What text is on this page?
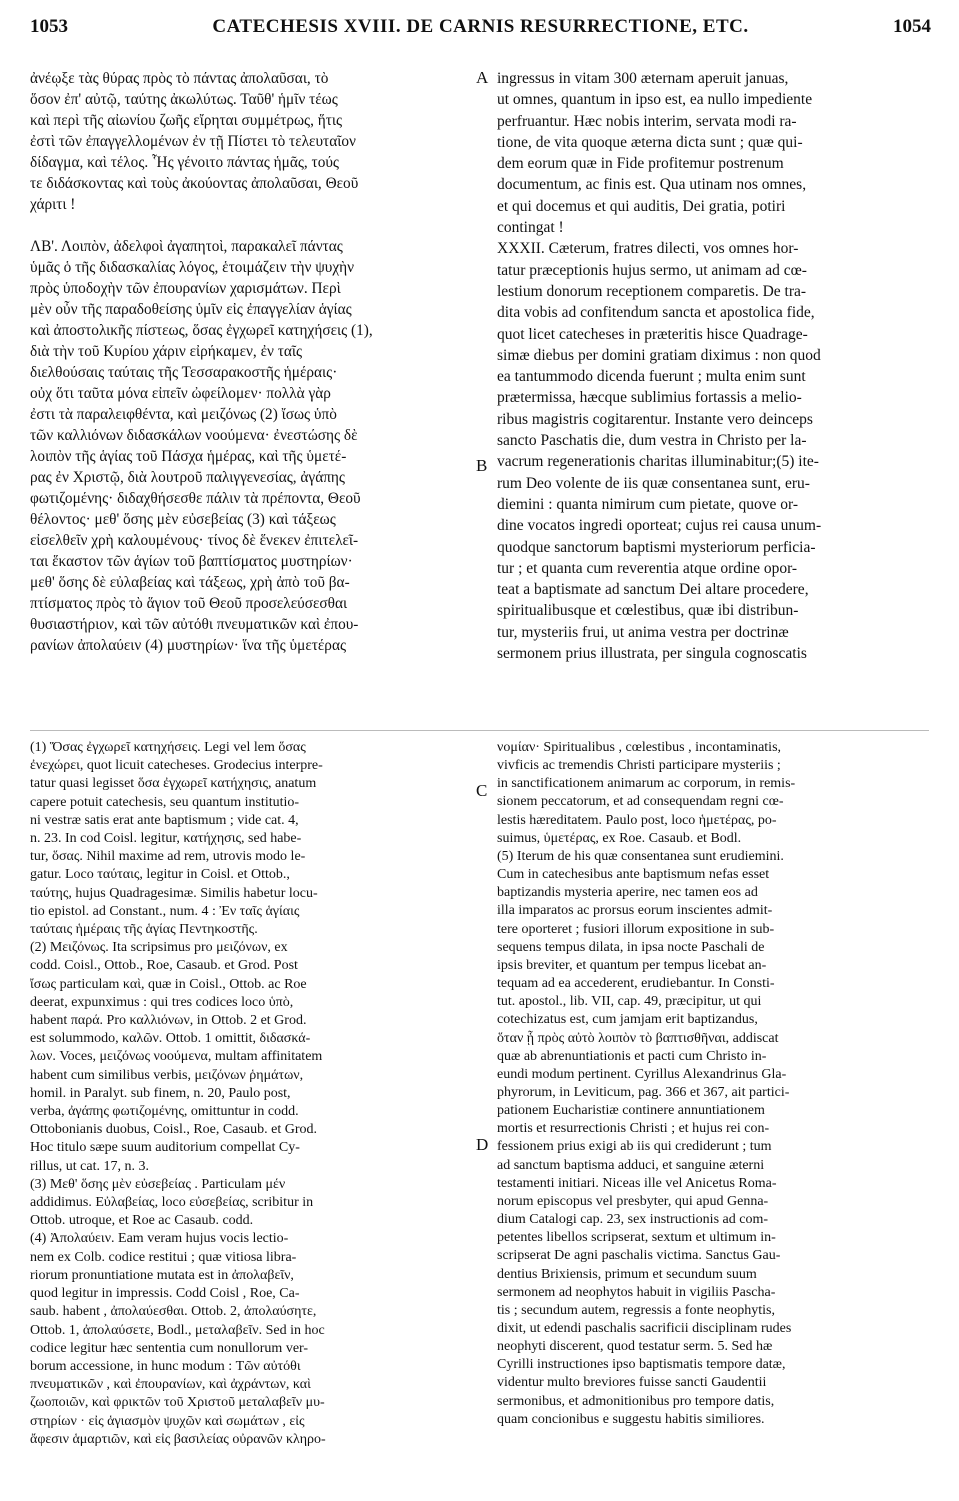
1053	CATECHESIS XVIII. DE CARNIS RESURRECTIONE, ETC.	1054
ἀνέῳξε τὰς θύρας πρὸς τὸ πάντας ἀπολαῦσαι, τὸ
ὅσον ἐπ' αὐτῷ, ταύτης ἀκωλύτως. Ταῦθ' ἡμῖν τέως
καὶ περὶ τῆς αἰωνίου ζωῆς εἴρηται συμμέτρως, ἥτις
ἐστὶ τῶν ἐπαγγελλομένων ἐν τῇ Πίστει τὸ τελευταῖον
δίδαγμα, καὶ τέλος. Ἧς γένοιτο πάντας ἡμᾶς, τούς
τε διδάσκοντας καὶ τοὺς ἀκούοντας ἀπολαῦσαι, Θεοῦ
χάριτι !

ΛΒ'. Λοιπὸν, ἀδελφοὶ ἀγαπητοὶ, παρακαλεῖ πάντας
ὑμᾶς ὁ τῆς διδασκαλίας λόγος, ἑτοιμάζειν τὴν ψυχὴν
πρὸς ὑποδοχὴν τῶν ἐπουρανίων χαρισμάτων. Περὶ
μὲν οὖν τῆς παραδοθείσης ὑμῖν εἰς ἐπαγγελίαν ἁγίας
καὶ ἀποστολικῆς πίστεως, ὅσας ἐγχωρεῖ κατηχήσεις (1),
διὰ τὴν τοῦ Κυρίου χάριν εἰρήκαμεν, ἐν ταῖς
διελθούσαις ταύταις τῆς Τεσσαρακοστῆς ἡμέραις·
οὐχ ὅτι ταῦτα μόνα εἰπεῖν ὠφείλομεν· πολλὰ γὰρ
ἐστι τὰ παραλειφθέντα, καὶ μειζόνως (2) ἴσως ὑπὸ
τῶν καλλιόνων διδασκάλων νοούμενα· ἐνεστώσης δὲ
λοιπὸν τῆς ἁγίας τοῦ Πάσχα ἡμέρας, καὶ τῆς ὑμετέ-
ρας ἐν Χριστῷ, διὰ λουτροῦ παλιγγενεσίας, ἀγάπης
φωτιζομένης· διδαχθήσεσθε πάλιν τὰ πρέποντα, Θεοῦ
θέλοντος· μεθ' ὅσης μὲν εὐσεβείας (3) καὶ τάξεως
εἰσελθεῖν χρὴ καλουμένους· τίνος δὲ ἕνεκεν ἐπιτελεῖ-
ται ἕκαστον τῶν ἁγίων τοῦ βαπτίσματος μυστηρίων·
μεθ' ὅσης δὲ εὐλαβείας καὶ τάξεως, χρὴ ἀπὸ τοῦ βα-
πτίσματος πρὸς τὸ ἅγιον τοῦ Θεοῦ προσελεύσεσθαι
θυσιαστήριον, καὶ τῶν αὐτόθι πνευματικῶν καὶ ἐπου-
ρανίων ἀπολαύειν (4) μυστηρίων· ἵνα τῆς ὑμετέρας
ingressus in vitam 300 æternam aperuit januas,
ut omnes, quantum in ipso est, ea nullo impediente
perfruantur. Hæc nobis interim, servata modi ra-
tione, de vita quoque æterna dicta sunt ; quæ qui-
dem eorum quæ in Fide profitemur postrenum
documentum, ac finis est. Qua utinam nos omnes,
et qui docemus et qui auditis, Dei gratia, potiri
contingat !
XXXII. Cæterum, fratres dilecti, vos omnes hor-
tatur præceptionis hujus sermo, ut animam ad cœ-
lestium donorum receptionem comparetis. De tra-
dita vobis ad confitendum sancta et apostolica fide,
quot licet catecheses in præteritis hisce Quadrage-
simæ diebus per domini gratiam diximus : non quod
ea tantummodo dicenda fuerunt ; multa enim sunt
prætermissa, hæcque sublimius fortassis a melio-
ribus magistris cogitarentur. Instante vero deinceps
sancto Paschatis die, dum vestra in Christo per la-
vacrum regenerationis charitas illuminabitur;(5) ite-
rum Deo volente de iis quæ consentanea sunt, eru-
diemini : quanta nimirum cum pietate, quove or-
dine vocatos ingredi oporteat; cujus rei causa unum-
quodque sanctorum baptismi mysteriorum perficia-
tur ; et quanta cum reverentia atque ordine opor-
teat a baptismate ad sanctum Dei altare procedere,
spiritualibusque et cœlestibus, quæ ibi distribun-
tur, mysteriis frui, ut anima vestra per doctrinæ
sermonem prius illustrata, per singula cognoscatis
A
B
C
D
(1) Ὅσας ἐγχωρεῖ κατηχήσεις. Legi vel lem ὅσας
ἐνεχώρει, quot licuit catecheses. Grodecius interpre-
tatur quasi legisset ὅσα ἐγχωρεῖ κατήχησις, anatum
capere potuit catechesis, seu quantum institutio-
ni vestræ satis erat ante baptismum ; vide cat. 4,
n. 23. In cod Coisl. legitur, κατήχησις, sed habe-
tur, ὅσας. Nihil maxime ad rem, utrovis modo le-
gatur. Loco ταύταις, legitur in Coisl. et Ottob.,
ταύτης, hujus Quadragesimæ. Similis habetur locu-
tio epistol. ad Constant., num. 4 : Ἐν ταῖς ἁγίαις
ταύταις ἡμέραις τῆς ἁγίας Πεντηκοστῆς.
(2) Μειζόνως. Ita scripsimus pro μειζόνων, ex
codd. Coisl., Ottob., Roe, Casaub. et Grod. Post
ἴσως particulam καὶ, quæ in Coisl., Ottob. ac Roe
deerat, expunximus : qui tres codices loco ὑπὸ,
habent παρά. Pro καλλιόνων, in Ottob. 2 et Grod.
est solummodo, καλῶν. Ottob. 1 omittit, διδασκά-
λων. Voces, μειζόνως νοούμενα, multam affinitatem
habent cum similibus verbis, μειζόνων ῥημάτων,
homil. in Paralyt. sub finem, n. 20, Paulo post,
verba, ἀγάπης φωτιζομένης, omittuntur in codd.
Ottobonianis duobus, Coisl., Roe, Casaub. et Grod.
Hoc titulo sæpe suum auditorium compellat Cy-
rillus, ut cat. 17, n. 3.
(3) Μεθ' ὅσης μὲν εὐσεβείας . Particulam μέν
addidimus. Εὐλαβείας, loco εὐσεβείας, scribitur in
Ottob. utroque, et Roe ac Casaub. codd.
(4) Ἀπολαύειν. Eam veram hujus vocis lectio-
nem ex Colb. codice restitui ; quæ vitiosa libra-
riorum pronuntiatione mutata est in ἀπολαβεῖν,
quod legitur in impressis. Codd Coisl , Roe, Ca-
saub. habent , ἀπολαύεσθαι. Ottob. 2, ἀπολαύσητε,
Ottob. 1, ἀπολαύσετε, Bodl., μεταλαβεῖν. Sed in hoc
codice legitur hæc sententia cum nonullorum ver-
borum accessione, in hunc modum : Τῶν αὐτόθι
πνευματικῶν , καὶ ἐπουρανίων, καὶ ἀχράντων, καὶ
ζωοποιῶν, καὶ φρικτῶν τοῦ Χριστοῦ μεταλαβεῖν μυ-
στηρίων · εἰς ἁγιασμὸν ψυχῶν καὶ σωμάτων , εἰς
ἄφεσιν ἁμαρτιῶν, καὶ εἰς βασιλείας οὐρανῶν κληρο-
νομίαν· Spiritualibus , cœlestibus , incontaminatis,
vivficis ac tremendis Christi participare mysteriis ;
in sanctificationem animarum ac corporum, in remis-
sionem peccatorum, et ad consequendam regni cœ-
lestis hæreditatem. Paulo post, loco ἡμετέρας, po-
suimus, ὑμετέρας, ex Roe. Casaub. et Bodl.
(5) Iterum de his quæ consentanea sunt erudiemini.
Cum in catechesibus ante baptismum nefas esset
baptizandis mysteria aperire, nec tamen eos ad
illa imparatos ac prorsus eorum inscientes admit-
tere oporteret ; fusiori illorum expositione in sub-
sequens tempus dilata, in ipsa nocte Paschali de
ipsis breviter, et quantum per tempus licebat an-
tequam ad ea accederent, erudiebantur. In Consti-
tut. apostol., lib. VII, cap. 49, præcipitur, ut qui
cotechizatus est, cum jamjam erit baptizandus,
ὅταν ᾖ πρὸς αὐτὸ λοιπὸν τὸ βαπτισθῆναι, addiscat
quæ ab abrenuntiationis et pacti cum Christo in-
eundi modum pertinent. Cyrillus Alexandrinus Gla-
phyrorum, in Leviticum, pag. 366 et 367, ait partici-
pationem Eucharistiæ continere annuntiationem
mortis et resurrectionis Christi ; et hujus rei con-
fessionem prius exigi ab iis qui crediderunt ; tum
ad sanctum baptisma adduci, et sanguine æterni
testamenti initiari. Niceas ille vel Anicetus Roma-
norum episcopus vel presbyter, qui apud Genna-
dium Catalogi cap. 23, sex instructionis ad com-
petentes libellos scripserat, sextum et ultimum in-
scripserat De agni paschalis victima. Sanctus Gau-
dentius Brixiensis, primum et secundum suum
sermonem ad neophytos habuit in vigiliis Pascha-
tis ; secundum autem, regressis a fonte neophytis,
dixit, ut edendi paschalis sacrificii disciplinam rudes
neophyti discerent, quod testatur serm. 5. Sed hæ
Cyrilli instructiones ipso baptismatis tempore datæ,
videntur multo breviores fuisse sancti Gaudentii
sermonibus, et admonitionibus pro tempore datis,
quam concionibus e suggestu habitis similiores.
